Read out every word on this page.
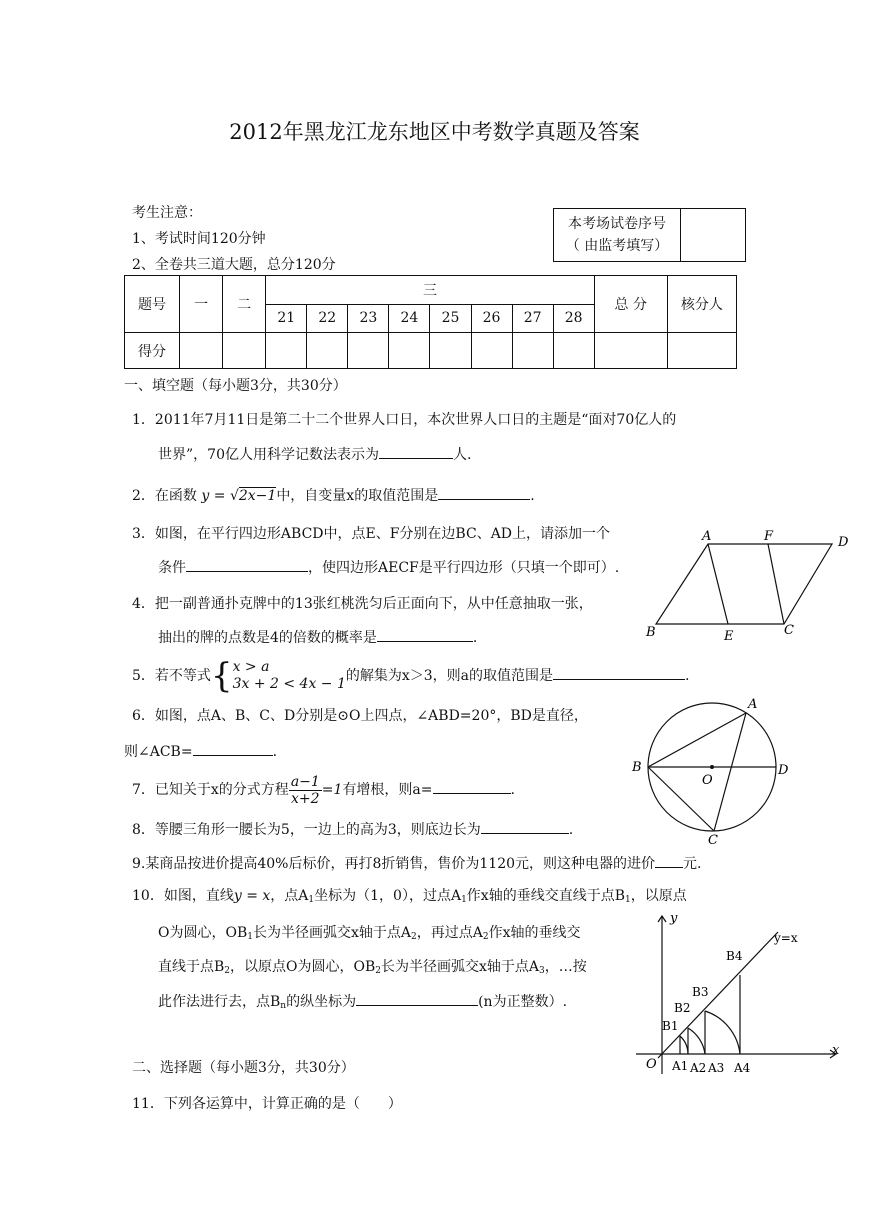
2012年黑龙江龙东地区中考数学真题及答案
考生注意：
1、考试时间120分钟
2、全卷共三道大题，总分120分
本考场试卷序号
（ 由监考填写）	
题号	一	二	三								总 分	核分人
			21	22	23	24	25	26	27	28		
得分												
一、填空题（每小题3分，共30分）
1．2011年7月11日是第二十二个世界人口日，本次世界人口日的主题是“面对70亿人的
世界”，70亿人用科学记数法表示为	人.
2．在函数 y = √2x−1中，自变量x的取值范围是	.
3．如图，在平行四边形ABCD中，点E、F分别在边BC、AD上，请添加一个
条件	，使四边形AECF是平行四边形（只填一个即可）.
4．把一副普通扑克牌中的13张红桃洗匀后正面向下，从中任意抽取一张，
抽出的牌的点数是4的倍数的概率是	.
5．若不等式{x > a
3x + 2 < 4x − 1的解集为x＞3，则a的取值范围是	.
6．如图，点A、B、C、D分别是⊙O上四点，∠ABD=20°，BD是直径，
则∠ACB=	.
7．已知关于x的分式方程 $\frac{a-1}{x+2} =1$有增根，则a=	.
8．等腰三角形一腰长为5，一边上的高为3，则底边长为	.
9.某商品按进价提高40%后标价，再打8折销售，售价为1120元，则这种电器的进价 元.
10．如图，直线y = x，点$A_1$坐标为（1，0），过点$A_1$作x轴的垂线交直线于点$B_1$，以原点
O为圆心，$OB_1$长为半径画弧交x轴于点$A_2$，再过点$A_2$作x轴的垂线交
直线于点$B_2$，以原点O为圆心，$OB_2$长为半径画弧交x轴于点$A_3$，…按
此作法进行去，点$B_n$的纵坐标为	(n为正整数）.
二、选择题（每小题3分，共30分）
11．下列各运算中，计算正确的是（　　）
A	F	D
B	E	C
A
B
O
D
C
y
x
y=x
O
B1
B2
B3
B4
A1 A2 A3 A4
